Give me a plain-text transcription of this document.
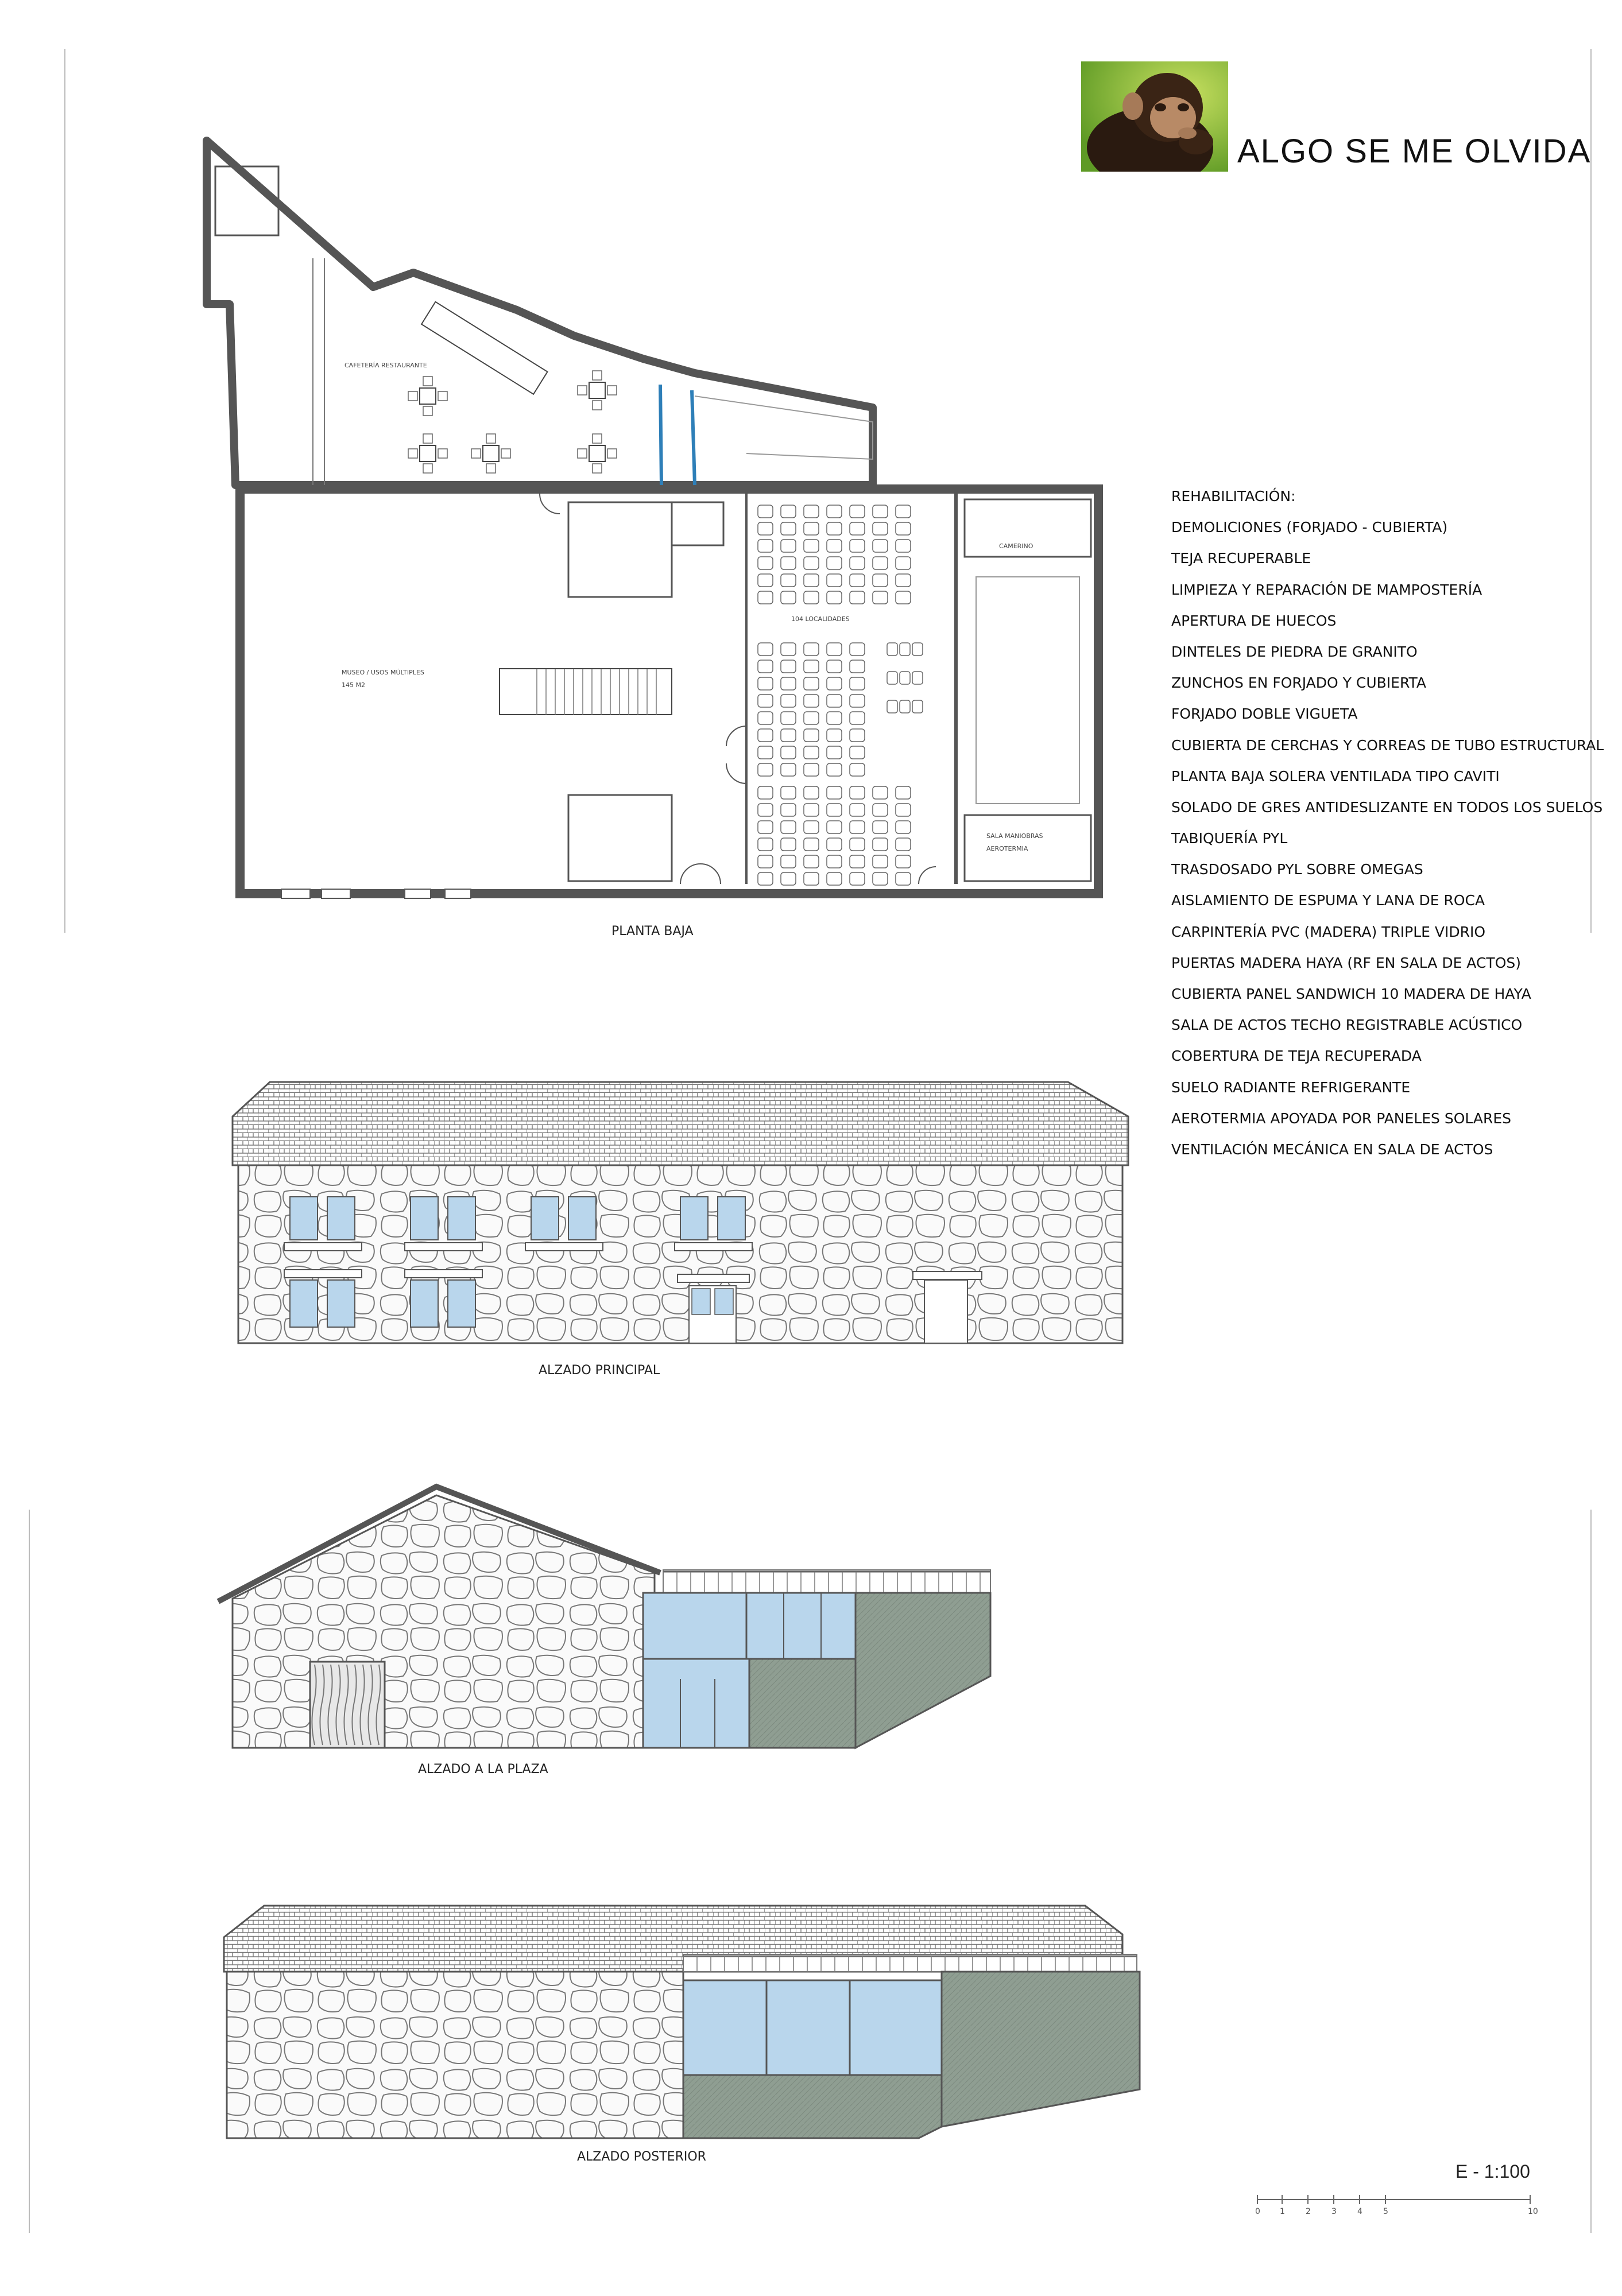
ALGO SE ME OLVIDA
REHABILITACIÓN:
DEMOLICIONES (FORJADO - CUBIERTA)
TEJA RECUPERABLE
LIMPIEZA Y REPARACIÓN DE MAMPOSTERÍA
APERTURA DE HUECOS
DINTELES DE PIEDRA DE GRANITO
ZUNCHOS EN FORJADO Y CUBIERTA
FORJADO DOBLE VIGUETA
CUBIERTA DE CERCHAS Y CORREAS DE TUBO ESTRUCTURAL
PLANTA BAJA SOLERA VENTILADA TIPO CAVITI
SOLADO DE GRES ANTIDESLIZANTE EN TODOS LOS SUELOS
TABIQUERÍA PYL
TRASDOSADO PYL SOBRE OMEGAS
AISLAMIENTO DE ESPUMA Y LANA DE ROCA
CARPINTERÍA PVC (MADERA) TRIPLE VIDRIO
PUERTAS MADERA HAYA (RF EN SALA DE ACTOS)
CUBIERTA PANEL SANDWICH 10 MADERA DE HAYA
SALA DE ACTOS TECHO REGISTRABLE ACÚSTICO
COBERTURA DE TEJA RECUPERADA
SUELO RADIANTE REFRIGERANTE
AEROTERMIA APOYADA POR PANELES SOLARES
VENTILACIÓN MECÁNICA EN SALA DE ACTOS
CAFETERÍA RESTAURANTE
MUSEO / USOS MÚLTIPLES
145 M2
104 LOCALIDADES
CAMERINO
SALA MANIOBRAS
AEROTERMIA
PLANTA BAJA
ALZADO PRINCIPAL
ALZADO A LA PLAZA
ALZADO POSTERIOR
E - 1:100
0 1	2	3	4	5	10
